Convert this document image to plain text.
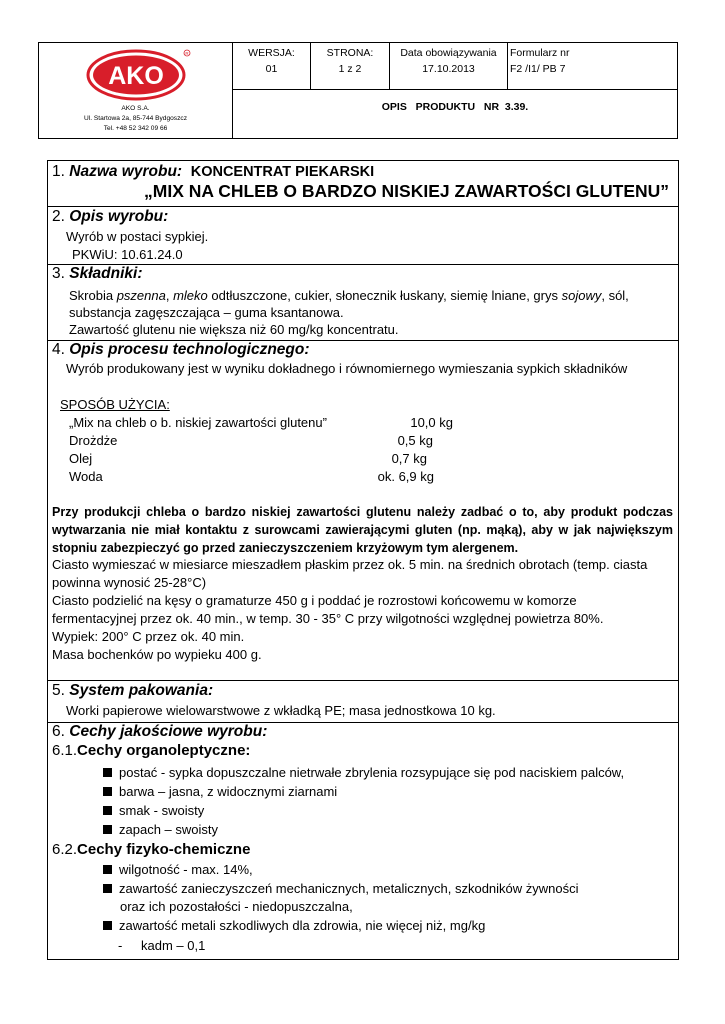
AKO
R
AKO S.A.
Ul. Startowa 2a, 85-744 Bydgoszcz
Tel. +48 52 342 09 66
WERSJA:
01
STRONA:
1 z 2
Data obowiązywania
17.10.2013
Formularz nr
F2 /I1/ PB 7
OPIS   PRODUKTU   NR  3.39.
1. Nazwa wyrobu: KONCENTRAT PIEKARSKI
„MIX NA CHLEB O BARDZO NISKIEJ ZAWARTOŚCI GLUTENU”
2. Opis wyrobu:
Wyrób w postaci sypkiej.
PKWiU: 10.61.24.0
3. Składniki:
Skrobia pszenna, mleko odtłuszczone, cukier, słonecznik łuskany, siemię lniane, grys sojowy, sól,
substancja zagęszczająca – guma ksantanowa.
Zawartość glutenu nie większa niż 60 mg/kg koncentratu.
4. Opis procesu technologicznego:
Wyrób produkowany jest w wyniku dokładnego i równomiernego wymieszania sypkich składników
SPOSÓB UŻYCIA:
„Mix na chleb o b. niskiej zawartości glutenu”	10,0 kg
Drożdże	0,5 kg
Olej	0,7 kg
Woda	ok. 6,9 kg
Przy produkcji chleba o bardzo niskiej zawartości glutenu należy zadbać o to, aby produkt podczas
wytwarzania nie miał kontaktu z surowcami zawierającymi gluten (np. mąką), aby w jak największym
stopniu zabezpieczyć go przed zanieczyszczeniem krzyżowym tym alergenem.
Ciasto wymieszać w miesiarce mieszadłem płaskim przez ok. 5 min. na średnich obrotach (temp. ciasta
powinna wynosić 25-28°C)
Ciasto podzielić na kęsy o gramaturze 450 g i poddać je rozrostowi końcowemu w komorze
fermentacyjnej przez ok. 40 min., w temp. 30 - 35° C przy wilgotności względnej powietrza 80%.
Wypiek: 200° C przez ok. 40 min.
Masa bochenków po wypieku 400 g.
5. System pakowania:
Worki papierowe wielowarstwowe z wkładką PE; masa jednostkowa 10 kg.
6. Cechy jakościowe wyrobu:
6.1.Cechy organoleptyczne:
postać - sypka dopuszczalne nietrwałe zbrylenia rozsypujące się pod naciskiem palców,
barwa – jasna, z widocznymi ziarnami
smak - swoisty
zapach – swoisty
6.2.Cechy fizyko-chemiczne
wilgotność - max. 14%,
zawartość zanieczyszczeń mechanicznych, metalicznych, szkodników żywności
oraz ich pozostałości - niedopuszczalna,
zawartość metali szkodliwych dla zdrowia, nie więcej niż, mg/kg
- kadm – 0,1
